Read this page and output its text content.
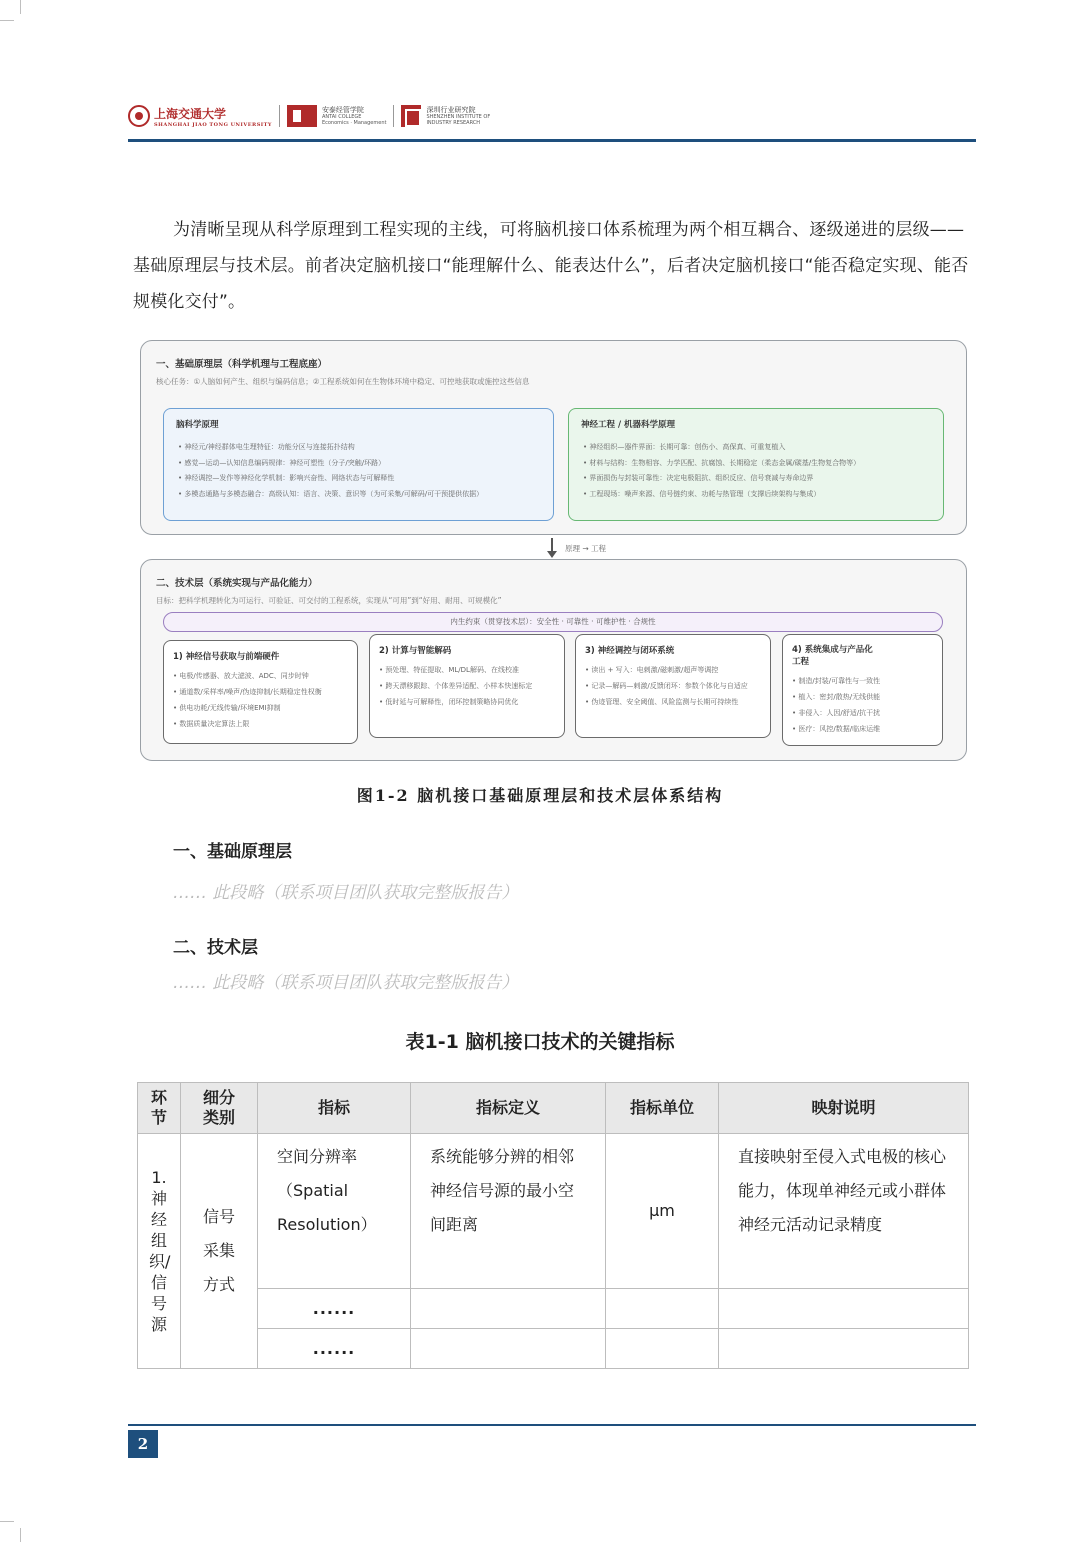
上海交通大学
SHANGHAI JIAO TONG UNIVERSITY
安泰经管学院
ANTAI COLLEGE
Economics · Management
深圳行业研究院
SHENZHEN INSTITUTE OF
INDUSTRY RESEARCH

为清晰呈现从科学原理到工程实现的主线，可将脑机接口体系梳理为两个相互耦合、逐级递进的层级——基础原理层与技术层。前者决定脑机接口“能理解什么、能表达什么”，后者决定脑机接口“能否稳定实现、能否规模化交付”。

一、基础原理层（科学机理与工程底座）
核心任务：①人脑如何产生、组织与编码信息；②工程系统如何在生物体环境中稳定、可控地获取或施控这些信息
脑科学原理
• 神经元/神经群体电生理特征：功能分区与连接拓扑结构
• 感觉—运动—认知信息编码规律：神经可塑性（分子/突触/环路）
• 神经调控—发作等神经化学机制：影响兴奋性、网络状态与可解释性
• 多模态通路与多模态融合：高级认知：语言、决策、意识等（为可采集/可解码/可干预提供依据）
神经工程 / 机器科学原理
• 神经组织—器件界面：长期可靠：创伤小、高保真、可重复植入
• 材料与结构：生物相容、力学匹配、抗腐蚀、长期稳定（柔态金属/碳基/生物复合物等）
• 界面损伤与封装可靠性：决定电极阻抗、组织反应、信号衰减与寿命边界
• 工程现场：噪声来源、信号链约束、功耗与热管理（支撑后续架构与集成）
原理 → 工程
二、技术层（系统实现与产品化能力）
目标：把科学机理转化为可运行、可验证、可交付的工程系统，实现从“可用”到“好用、耐用、可规模化”
内生约束（贯穿技术层）：安全性 · 可靠性 · 可维护性 · 合规性
1) 神经信号获取与前端硬件
• 电极/传感器、放大滤波、ADC、同步时钟
• 通道数/采样率/噪声/伪迹抑制/长期稳定性权衡
• 供电功耗/无线传输/环境EMI抑制
• 数据质量决定算法上限
2) 计算与智能解码
• 预处理、特征提取、ML/DL解码、在线校准
• 跨天漂移跟踪、个体差异适配、小样本快速标定
• 低时延与可解释性，闭环控制策略协同优化
3) 神经调控与闭环系统
• 读出 + 写入：电刺激/磁刺激/超声等调控
• 记录—解码—刺激/反馈闭环：参数个体化与自适应
• 伪迹管理、安全阈值、风险监测与长期可持续性
4) 系统集成与产品化
工程
• 制造/封装/可靠性与一致性
• 植入：密封/散热/无线供能
• 非侵入：人因/舒适/抗干扰
• 医疗：风控/数据/临床运维
图1-2 脑机接口基础原理层和技术层体系结构
一、基础原理层
…… 此段略（联系项目团队获取完整版报告）
二、技术层
…… 此段略（联系项目团队获取完整版报告）
表1-1 脑机接口技术的关键指标
环节	细分类别	指标	指标定义	指标单位	映射说明
1.神经组织/信号源	信号采集方式	空间分辨率（Spatial Resolution）	系统能够分辨的相邻神经信号源的最小空间距离	μm	直接映射至侵入式电极的核心能力，体现单神经元或小群体神经元活动记录精度
		......			
		......			
2
